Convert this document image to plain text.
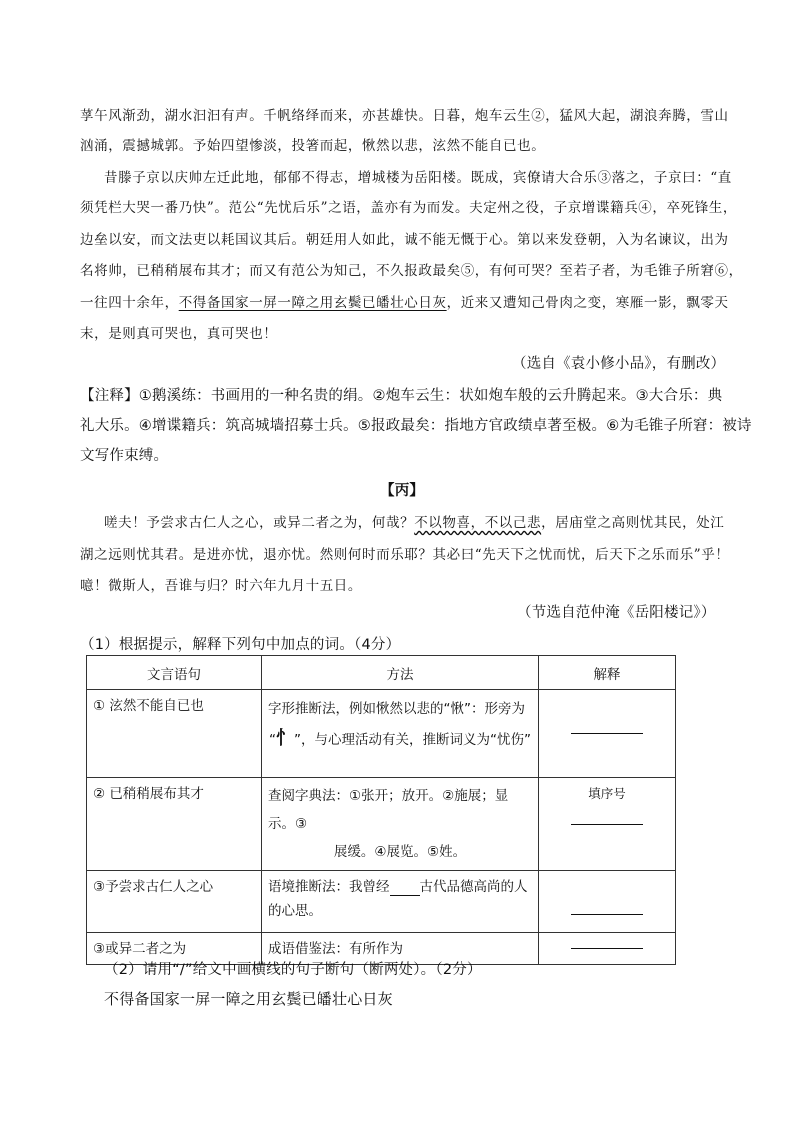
莩午风渐劲，湖水汩汩有声。千帆络绎而来，亦甚雄快。日暮，炮车云生②，猛风大起，湖浪奔腾，雪山
汹涌，震撼城郭。予始四望惨淡，投箸而起，愀然以悲，泫然不能自已也。
昔滕子京以庆帅左迁此地，郁郁不得志，增城楼为岳阳楼。既成，宾僚请大合乐③落之，子京曰：“直
须凭栏大哭一番乃快”。范公“先忧后乐”之语，盖亦有为而发。夫定州之役，子京增谍籍兵④，卒死锋生，
边垒以安，而文法吏以耗国议其后。朝廷用人如此，诚不能无慨于心。第以来发登朝，入为名谏议，出为
名将帅，已稍稍展布其才；而又有范公为知己，不久报政最矣⑤，有何可哭？至若子者，为毛锥子所窘⑥，
一往四十余年，不得备国家一屏一障之用玄鬓已皤壮心日灰，近来又遭知己骨肉之变，寒雁一影，飘零天
末，是则真可哭也，真可哭也！
（选自《袁小修小品》，有删改）
【注释】①鹅溪练：书画用的一种名贵的绢。②炮车云生：状如炮车般的云升腾起来。③大合乐：典
礼大乐。④增谍籍兵：筑高城墙招募士兵。⑤报政最矣：指地方官政绩卓著至极。⑥为毛锥子所窘：被诗
文写作束缚。
【丙】
嗟夫！予尝求古仁人之心，或异二者之为，何哉？不以物喜，不以己悲，居庙堂之高则忧其民，处江
湖之远则忧其君。是进亦忧，退亦忧。然则何时而乐耶？其必曰“先天下之忧而忧，后天下之乐而乐”乎！
噫！微斯人，吾谁与归？时六年九月十五日。
（节选自范仲淹《岳阳楼记》）
（1）根据提示，解释下列句中加点的词。（4分）
文言语句	方法	解释
① 泫然不能自已也	字形推断法，例如愀然以悲的“愀”：形旁为
“忄”，与心理活动有关，推断词义为“忧伤”	

② 已稍稍展布其才	查阅字典法：①张开；放开。②施展；显示。③
展缓。④展览。⑤姓。	填序号

③予尝求古仁人之心	语境推断法：我曾经 古代品德高尚的人
的心思。	

③或异二者之为	成语借鉴法：有所作为	
（2）请用“/”给文中画横线的句子断句（断两处）。（2分）
不得备国家一屏一障之用玄鬓已皤壮心日灰
